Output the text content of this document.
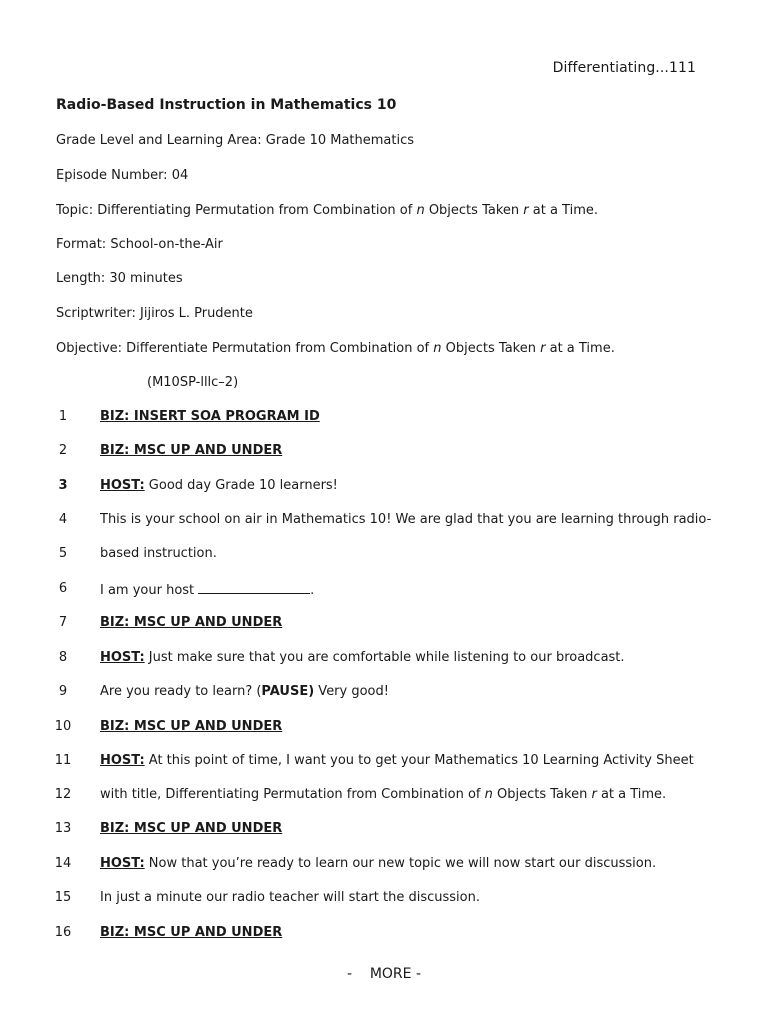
Differentiating...111
Radio-Based Instruction in Mathematics 10
Grade Level and Learning Area: Grade 10 Mathematics
Episode Number: 04
Topic: Differentiating Permutation from Combination of n Objects Taken r at a Time.
Format: School-on-the-Air
Length: 30 minutes
Scriptwriter: Jijiros L. Prudente
Objective: Differentiate Permutation from Combination of n Objects Taken r at a Time.
(M10SP-lllc–2)
1	BIZ: INSERT SOA PROGRAM ID
2	BIZ: MSC UP AND UNDER
3	HOST: Good day Grade 10 learners!
4	This is your school on air in Mathematics 10! We are glad that you are learning through radio-
5	based instruction.
6	I am your host	.
7	BIZ: MSC UP AND UNDER
8	HOST: Just make sure that you are comfortable while listening to our broadcast.
9	Are you ready to learn? (PAUSE) Very good!
10 BIZ: MSC UP AND UNDER
11 HOST: At this point of time, I want you to get your Mathematics 10 Learning Activity Sheet
12 with title, Differentiating Permutation from Combination of n Objects Taken r at a Time.
13 BIZ: MSC UP AND UNDER
14 HOST: Now that you’re ready to learn our new topic we will now start our discussion.
15 In just a minute our radio teacher will start the discussion.
16 BIZ: MSC UP AND UNDER
-    MORE -
